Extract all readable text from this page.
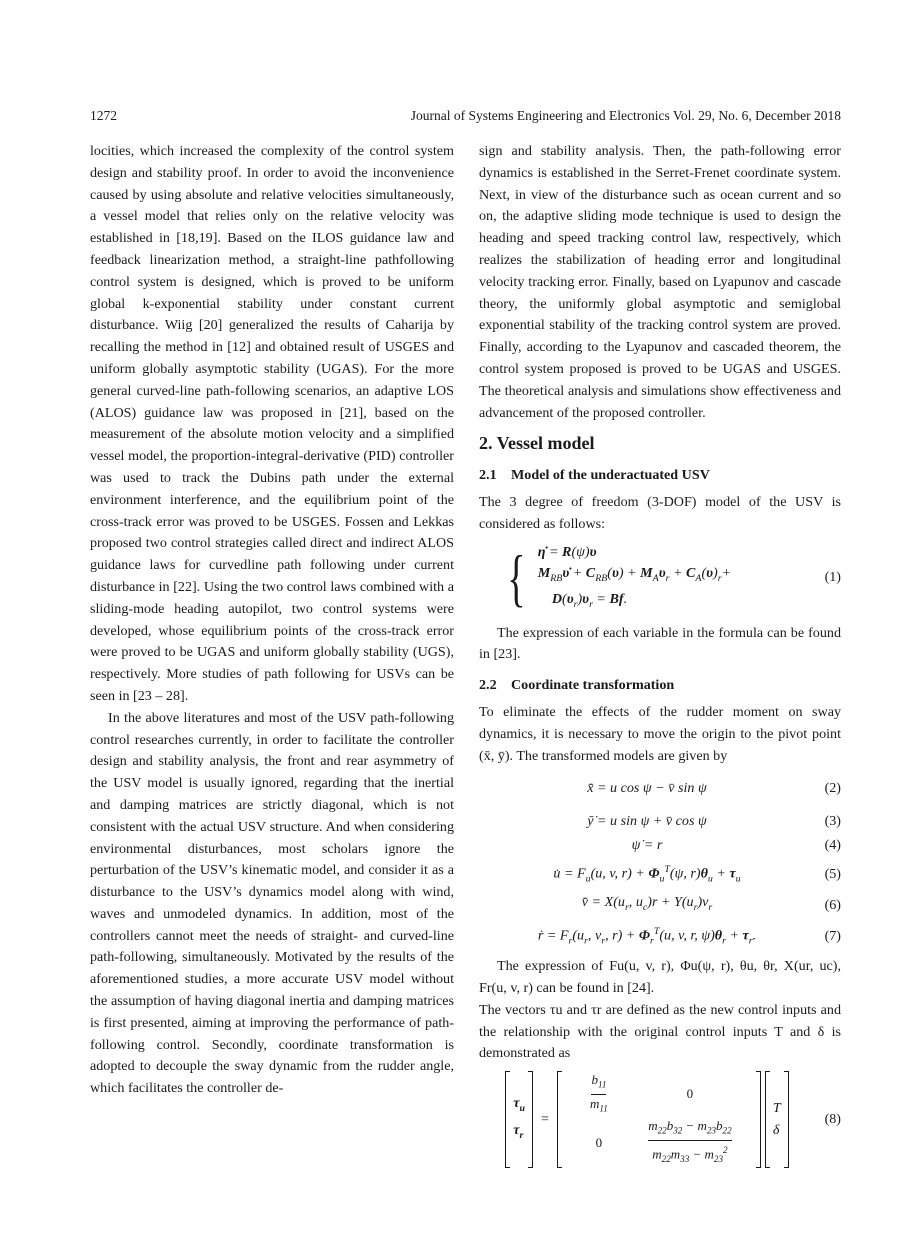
1272	Journal of Systems Engineering and Electronics Vol. 29, No. 6, December 2018

locities, which increased the complexity of the control system design and stability proof. In order to avoid the inconvenience caused by using absolute and relative velocities simultaneously, a vessel model that relies only on the relative velocity was established in [18,19]. Based on the ILOS guidance law and feedback linearization method, a straight-line pathfollowing control system is designed, which is proved to be uniform global k-exponential stability under constant current disturbance. Wiig [20] generalized the results of Caharija by recalling the method in [12] and obtained result of USGES and uniform globally asymptotic stability (UGAS). For the more general curved-line path-following scenarios, an adaptive LOS (ALOS) guidance law was proposed in [21], based on the measurement of the absolute motion velocity and a simplified vessel model, the proportion-integral-derivative (PID) controller was used to track the Dubins path under the external environment interference, and the equilibrium point of the cross-track error was proved to be USGES. Fossen and Lekkas proposed two control strategies called direct and indirect ALOS guidance laws for curvedline path following under current disturbance in [22]. Using the two control laws combined with a sliding-mode heading autopilot, two control systems were developed, whose equilibrium points of the cross-track error were proved to be UGAS and uniform globally stability (UGS), respectively. More studies of path following for USVs can be seen in [23 – 28].

In the above literatures and most of the USV path-following control researches currently, in order to facilitate the controller design and stability analysis, the front and rear asymmetry of the USV model is usually ignored, regarding that the inertial and damping matrices are strictly diagonal, which is not consistent with the actual USV structure. And when considering environmental disturbances, most scholars ignore the perturbation of the USV’s kinematic model, and consider it as a disturbance to the USV’s dynamics model along with wind, waves and unmodeled dynamics. In addition, most of the controllers cannot meet the needs of straight- and curved-line path-following, simultaneously. Motivated by the results of the aforementioned studies, a more accurate USV model without the assumption of having diagonal inertia and damping matrices is first presented, aiming at improving the performance of path-following control. Secondly, coordinate transformation is adopted to decouple the sway dynamic from the rudder angle, which facilitates the controller de-

sign and stability analysis. Then, the path-following error dynamics is established in the Serret-Frenet coordinate system. Next, in view of the disturbance such as ocean current and so on, the adaptive sliding mode technique is used to design the heading and speed tracking control law, respectively, which realizes the stabilization of heading error and longitudinal velocity tracking error. Finally, based on Lyapunov and cascade theory, the uniformly global asymptotic and semiglobal exponential stability of the tracking control system are proved. Finally, according to the Lyapunov and cascaded theorem, the control system proposed is proved to be UGAS and USGES. The theoretical analysis and simulations show effectiveness and advancement of the proposed controller.

2. Vessel model
2.1 Model of the underactuated USV

The 3 degree of freedom (3-DOF) model of the USV is considered as follows:

{ η̇ = R(ψ)υ
$M_{RB}\upsiloṅ + C_{RB}(\upsilon) + M_A\upsilon_r + C_A(\upsilon)_r+$
$D(\upsilon_r)\upsilon_r = Bf$.
(1)

The expression of each variable in the formula can be found in [23].

2.2 Coordinate transformation

To eliminate the effects of the rudder moment on sway dynamics, it is necessary to move the origin to the pivot point (x̄, ȳ). The transformed models are given by

x̄̇ = u cos ψ − v̄ sin ψ	(2)
ȳ̇ = u sin ψ + v̄ cos ψ	(3)
ψ̇ = r	(4)
u̇ = $F_u(u$, v, $r) + \Phi_u^T(\psi$, $r)\theta_u + \tau_u$	(5)
v̄̇ = $X(u_r$, $u_c)r + Y(u_r)v_r$	(6)
ṙ = $F_r(u_r$, $v_r$, $r) + \Phi_r^T(u$, v, r, $\psi)\theta_r + \tau_r$.	(7)

The expression of Fu(u, v, r), Φu(ψ, r), θu, θr, X(ur, uc), Fr(u, v, r) can be found in [24].

The vectors τu and τr are defined as the new control inputs and the relationship with the original control inputs T and δ is demonstrated as

$\tau_u$
$\tau_r$
=
$\frac{b_{11}}{m_{11}}$	0
0	$\frac{m_{22}b_{32} - m_{23}b_{22}}{m_{22}m_{33} - m_{23}^2}$
T
δ
(8)
